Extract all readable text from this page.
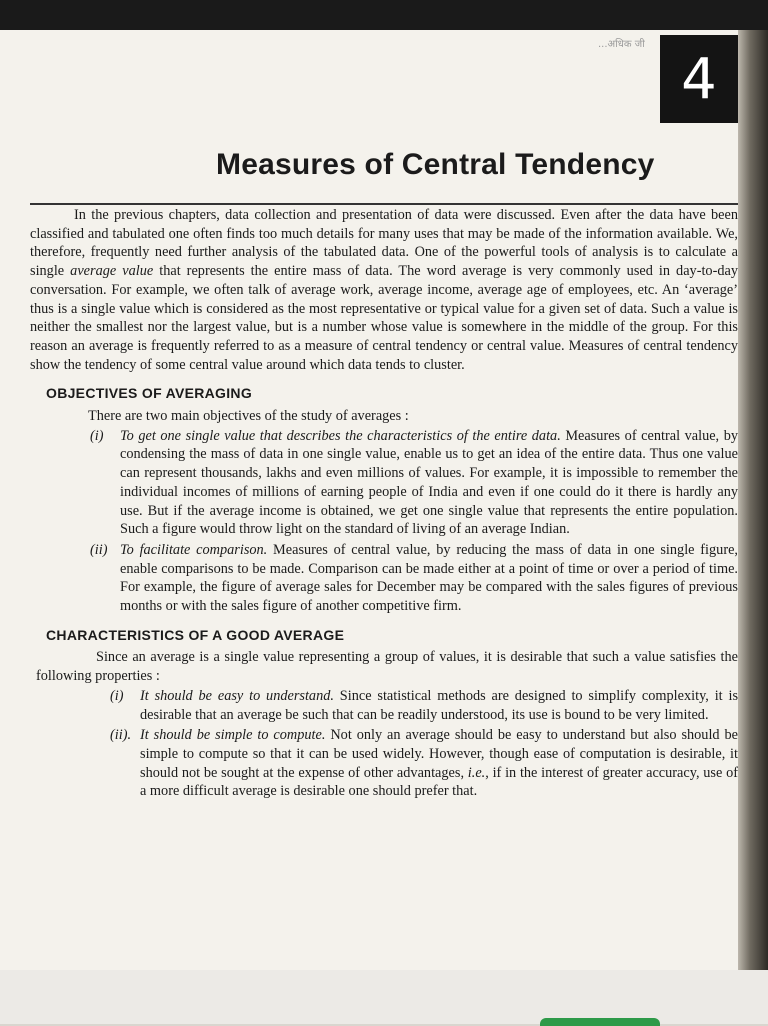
...अधिक जी
4
Measures of Central Tendency

In the previous chapters, data collection and presentation of data were discussed. Even after the data have been classified and tabulated one often finds too much details for many uses that may be made of the information available. We, therefore, frequently need further analysis of the tabulated data. One of the powerful tools of analysis is to calculate a single average value that represents the entire mass of data. The word average is very commonly used in day-to-day conversation. For example, we often talk of average work, average income, average age of employees, etc. An ‘average’ thus is a single value which is considered as the most representative or typical value for a given set of data. Such a value is neither the smallest nor the largest value, but is a number whose value is somewhere in the middle of the group. For this reason an average is frequently referred to as a measure of central tendency or central value. Measures of central tendency show the tendency of some central value around which data tends to cluster.

OBJECTIVES OF AVERAGING

There are two main objectives of the study of averages :

(i)	To get one single value that describes the characteristics of the entire data. Measures of central value, by condensing the mass of data in one single value, enable us to get an idea of the entire data. Thus one value can represent thousands, lakhs and even millions of values. For example, it is impossible to remember the individual incomes of millions of earning people of India and even if one could do it there is hardly any use. But if the average income is obtained, we get one single value that represents the entire population. Such a figure would throw light on the standard of living of an average Indian.

(ii) To facilitate comparison. Measures of central value, by reducing the mass of data in one single figure, enable comparisons to be made. Comparison can be made either at a point of time or over a period of time. For example, the figure of average sales for December may be compared with the sales figures of previous months or with the sales figure of another competitive firm.

CHARACTERISTICS OF A GOOD AVERAGE

Since an average is a single value representing a group of values, it is desirable that such a value satisfies the following properties :

(i)	It should be easy to understand. Since statistical methods are designed to simplify complexity, it is desirable that an average be such that can be readily understood, its use is bound to be very limited.

(ii). It should be simple to compute. Not only an average should be easy to understand but also should be simple to compute so that it can be used widely. However, though ease of computation is desirable, it should not be sought at the expense of other advantages, i.e., if in the interest of greater accuracy, use of a more difficult average is desirable one should prefer that.
